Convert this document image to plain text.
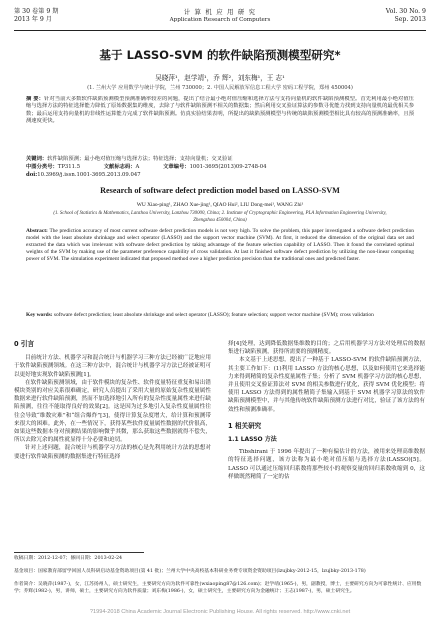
第 30 卷第 9 期
2013 年 9 月
计 算 机 应 用 研 究
Application Research of Computers
Vol. 30 No. 9
Sep. 2013
基于 LASSO-SVM 的软件缺陷预测模型研究*
吴晓萍¹，赵学靖¹，乔 辉²，刘东梅¹，王 志¹
(1. 兰州大学 应用数学与统计学院，兰州 730000；2. 中国人民解放军信息工程大学 密码工程学院，郑州 450004)
摘 要：针对当前大多数软件缺陷预测模型预测准确率较差的问题，提出了结合最小绝对值压缩和选择方法与支持向量机的软件缺陷预测模型。首先利用最小绝对值压缩与选择方法的特征选择能力降低了原始数据集的维度，去除了与软件缺陷预测不相关的数据集；然后利用交叉验证算法的参数寻优能力找到支持向量机的最优相关参数；最后运用支持向量机的非线性运算能力完成了软件缺陷预测。仿真实验结果表明，所提出的缺陷预测模型与传统的缺陷预测模型相比具有较高的预测准确率，且预测速度更快。
关键词：软件缺陷预测；最小绝对值压缩与选择方法；特征选择；支持向量机；交叉验证
中图分类号：TP311.5	文献标志码：A	文章编号：1001-3695(2013)09-2748-04
doi:10.3969/j.issn.1001-3695.2013.09.047
Research of software defect prediction model based on LASSO-SVM
WU Xiao-ping¹, ZHAO Xue-jing¹, QIAO Hui², LIU Dong-mei¹, WANG Zhi¹
(1. School of Statistics & Mathematics, Lanzhou University, Lanzhou 730000, China; 2. Institute of Cryptographic Engineering, PLA Information Engineering University, Zhengzhou 450004, China)
Abstract: The prediction accuracy of most current software defect prediction models is not very high. To solve the problem, this paper investigated a software defect prediction model with the least absolute shrinkage and select operator (LASSO) and the support vector machine (SVM). At first, it reduced the dimension of the original data set and extracted the data which was irrelevant with software defect prediction by taking advantage of the feature selection capability of LASSO. Then it found the correlated optimal weights of the SVM by making use of the parameter preference capability of cross validation. At last it finished software defect prediction by utilizing the non-linear computing power of SVM. The simulation experiment indicated that proposed method owe a higher prediction precision than the traditional ones and predicted faster.
Key words: software defect prediction; least absolute shrinkage and select operator (LASSO); feature selection; support vector machine (SVM); cross validation
0 引言

目前统计方法、机器学习和混合统计与机器学习三种方法已经被广泛地应用于软件缺陷预测领域。在这三种方法中，混合统计与机器学习方法已经被证明可以更好地实现软件缺陷预测[1]。

在软件缺陷预测领域，由于软件模块的复杂性、软件度量特征重复和易出错模块类别的对应关系很难确定，研究人员提出了采用大量的原始复杂性度量属性数据来进行软件缺陷预测，然而不加选择地引入所有的复杂性度量属性来进行缺陷预测，往往不能取得良好的效果[2]。这是因为过多地引入复杂性度量属性往往会导致“维数灾难”和“组合爆炸”[3]，使得计算复杂度增大，给计算和预测带来很大的困难。此外，在一些情况下，获得某些软件度量属性数据的代价很高，如果这些数据本身对预测结果的影响微乎其微，那么获取这些数据就得不偿失，所以去除冗余的属性就显得十分必要和迫切。

针对上述问题，混合统计与机器学习方法的核心是先利用统计方法的思想对要进行软件缺陷预测的数据集进行特征选择

择[4]处理，达到降低数据集维数的目的；之后用机器学习方法对处理后的数据集进行缺陷预测，获得所需要的预测精度。

本文基于上述思想，提出了一种基于 LASSO-SVM 的软件缺陷预测方法，其主要工作如下：(1)利用 LASSO 方法的核心思想，以及如何使用它来选择能力来得到精简的复杂性度量属性子集；分析了 SVM 机器学习方法的核心思想，并且使用交叉验证算法对 SVM 的相关参数进行优化，获得 SVM 优化模型；将使用 LASSO 方法得到的属性精简子集输入到基于 SVM 机器学习算法的软件缺陷预测模型中，并与其他传统软件缺陷预测方法进行对比，验证了该方法的有效性和预测准确率。

1 相关研究
1.1 LASSO 方法

Tibshirani 于 1996 年提出了一种有偏估计的方法，被用来处理高维数据的特征选择问题，该方法称为最小绝对值压缩与选择方法(LASSO)[5]。LASSO 可以通过压缩回归系数将那些较小的观察变量的回归系数收缩到 0，这样做既然精简了一定的估

收稿日期：2012-12-07；修回日期：2013-02-24
基金项目：国家教育部留学回国人员科研启动基金资助项目(第 41 批)；兰州大学中央高校基本科研业务费专项资金资助项目(lzujbky-2012-15，lzujbky-2013-178)
作者简介：吴晓萍(1987-)，女，江苏扬州人，硕士研究生，主要研究方向为软件可靠性(wxiaoping87@126.com)；赵学靖(1965-)，男，副教授，博士，主要研究方向为可靠性统计、应用数学；乔辉(1982-)，男，讲师，硕士，主要研究方向为软件质量；刘东梅(1986-)，女，硕士研究生，主要研究方向为金融统计；王志(1987-)，男，硕士研究生。
?1994-2018 China Academic Journal Electronic Publishing House. All rights reserved. http://www.cnki.net
